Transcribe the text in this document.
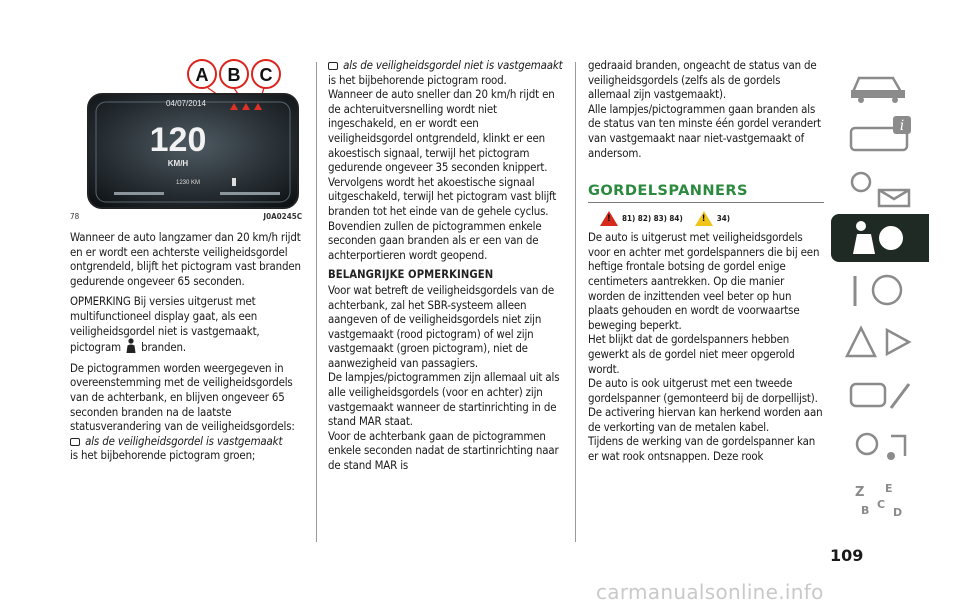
A B C
04/07/2014
120
KM/H
1230 KM
78	J0A0245C

Wanneer de auto langzamer dan 20 km/h rijdt en er wordt een achterste veiligheidsgordel ontgrendeld, blijft het pictogram vast branden gedurende ongeveer 65 seconden.

OPMERKING Bij versies uitgerust met multifunctioneel display gaat, als een veiligheidsgordel niet is vastgemaakt, pictogram branden.

De pictogrammen worden weergegeven in overeenstemming met de veiligheidsgordels van de achterbank, en blijven ongeveer 65 seconden branden na de laatste statusverandering van de veiligheidsgordels:

als de veiligheidsgordel is vastgemaakt
is het bijbehorende pictogram groen;

als de veiligheidsgordel niet is vastgemaakt is het bijbehorende pictogram rood.

Wanneer de auto sneller dan 20 km/h rijdt en de achteruitversnelling wordt niet ingeschakeld, en er wordt een veiligheidsgordel ontgrendeld, klinkt er een akoestisch signaal, terwijl het pictogram gedurende ongeveer 35 seconden knippert. Vervolgens wordt het akoestische signaal uitgeschakeld, terwijl het pictogram vast blijft branden tot het einde van de gehele cyclus.

Bovendien zullen de pictogrammen enkele seconden gaan branden als er een van de achterportieren wordt geopend.

BELANGRIJKE OPMERKINGEN

Voor wat betreft de veiligheidsgordels van de achterbank, zal het SBR-systeem alleen aangeven of de veiligheidsgordels niet zijn vastgemaakt (rood pictogram) of wel zijn vastgemaakt (groen pictogram), niet de aanwezigheid van passagiers.

De lampjes/pictogrammen zijn allemaal uit als alle veiligheidsgordels (voor en achter) zijn vastgemaakt wanneer de startinrichting in de stand MAR staat.

Voor de achterbank gaan de pictogrammen enkele seconden nadat de startinrichting naar de stand MAR is

gedraaid branden, ongeacht de status van de veiligheidsgordels (zelfs als de gordels allemaal zijn vastgemaakt).

Alle lampjes/pictogrammen gaan branden als de status van ten minste één gordel verandert van vastgemaakt naar niet-vastgemaakt of andersom.

GORDELSPANNERS
! 81) 82) 83) 84) ! 34)

De auto is uitgerust met veiligheidsgordels voor en achter met gordelspanners die bij een heftige frontale botsing de gordel enige centimeters aantrekken. Op die manier worden de inzittenden veel beter op hun plaats gehouden en wordt de voorwaartse beweging beperkt.

Het blijkt dat de gordelspanners hebben gewerkt als de gordel niet meer opgerold wordt.

De auto is ook uitgerust met een tweede gordelspanner (gemonteerd bij de dorpellijst). De activering hiervan kan herkend worden aan de verkorting van de metalen kabel.

Tijdens de werking van de gordelspanner kan er wat rook ontsnappen. Deze rook

i
Z E
B C
D
109
carmanualsonline.info
